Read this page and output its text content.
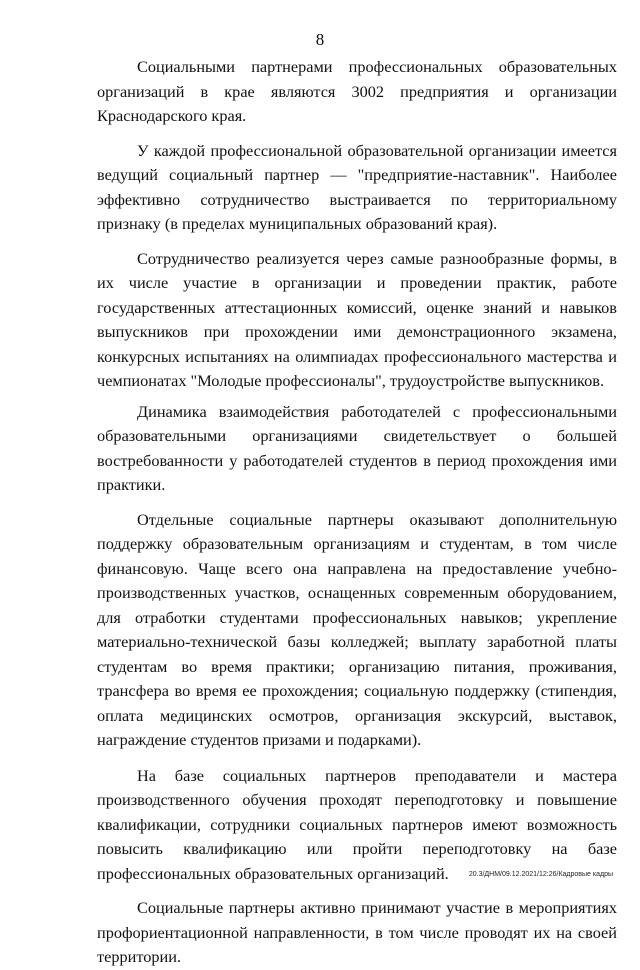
8

Социальными партнерами профессиональных образовательных организаций в крае являются 3002 предприятия и организации Краснодарского края.

У каждой профессиональной образовательной организации имеется ведущий социальный партнер — "предприятие-наставник". Наиболее эффективно сотрудничество выстраивается по территориальному признаку (в пределах муниципальных образований края).

Сотрудничество реализуется через самые разнообразные формы, в их числе участие в организации и проведении практик, работе государственных аттестационных комиссий, оценке знаний и навыков выпускников при прохождении ими демонстрационного экзамена, конкурсных испытаниях на олимпиадах профессионального мастерства и чемпионатах "Молодые профессионалы", трудоустройстве выпускников.

Динамика взаимодействия работодателей с профессиональными образовательными организациями свидетельствует о большей востребованности у работодателей студентов в период прохождения ими практики.

Отдельные социальные партнеры оказывают дополнительную поддержку образовательным организациям и студентам, в том числе финансовую. Чаще всего она направлена на предоставление учебно-производственных участков, оснащенных современным оборудованием, для отработки студентами профессиональных навыков; укрепление материально-технической базы колледжей; выплату заработной платы студентам во время практики; организацию питания, проживания, трансфера во время ее прохождения; социальную поддержку (стипендия, оплата медицинских осмотров, организация экскурсий, выставок, награждение студентов призами и подарками).

На базе социальных партнеров преподаватели и мастера производственного обучения проходят переподготовку и повышение квалификации, сотрудники социальных партнеров имеют возможность повысить квалификацию или пройти переподготовку на базе профессиональных образовательных организаций.

Социальные партнеры активно принимают участие в мероприятиях профориентационной направленности, в том числе проводят их на своей территории.

20.3/ДНМ/09.12.2021/12:26/Кадровые кадры
